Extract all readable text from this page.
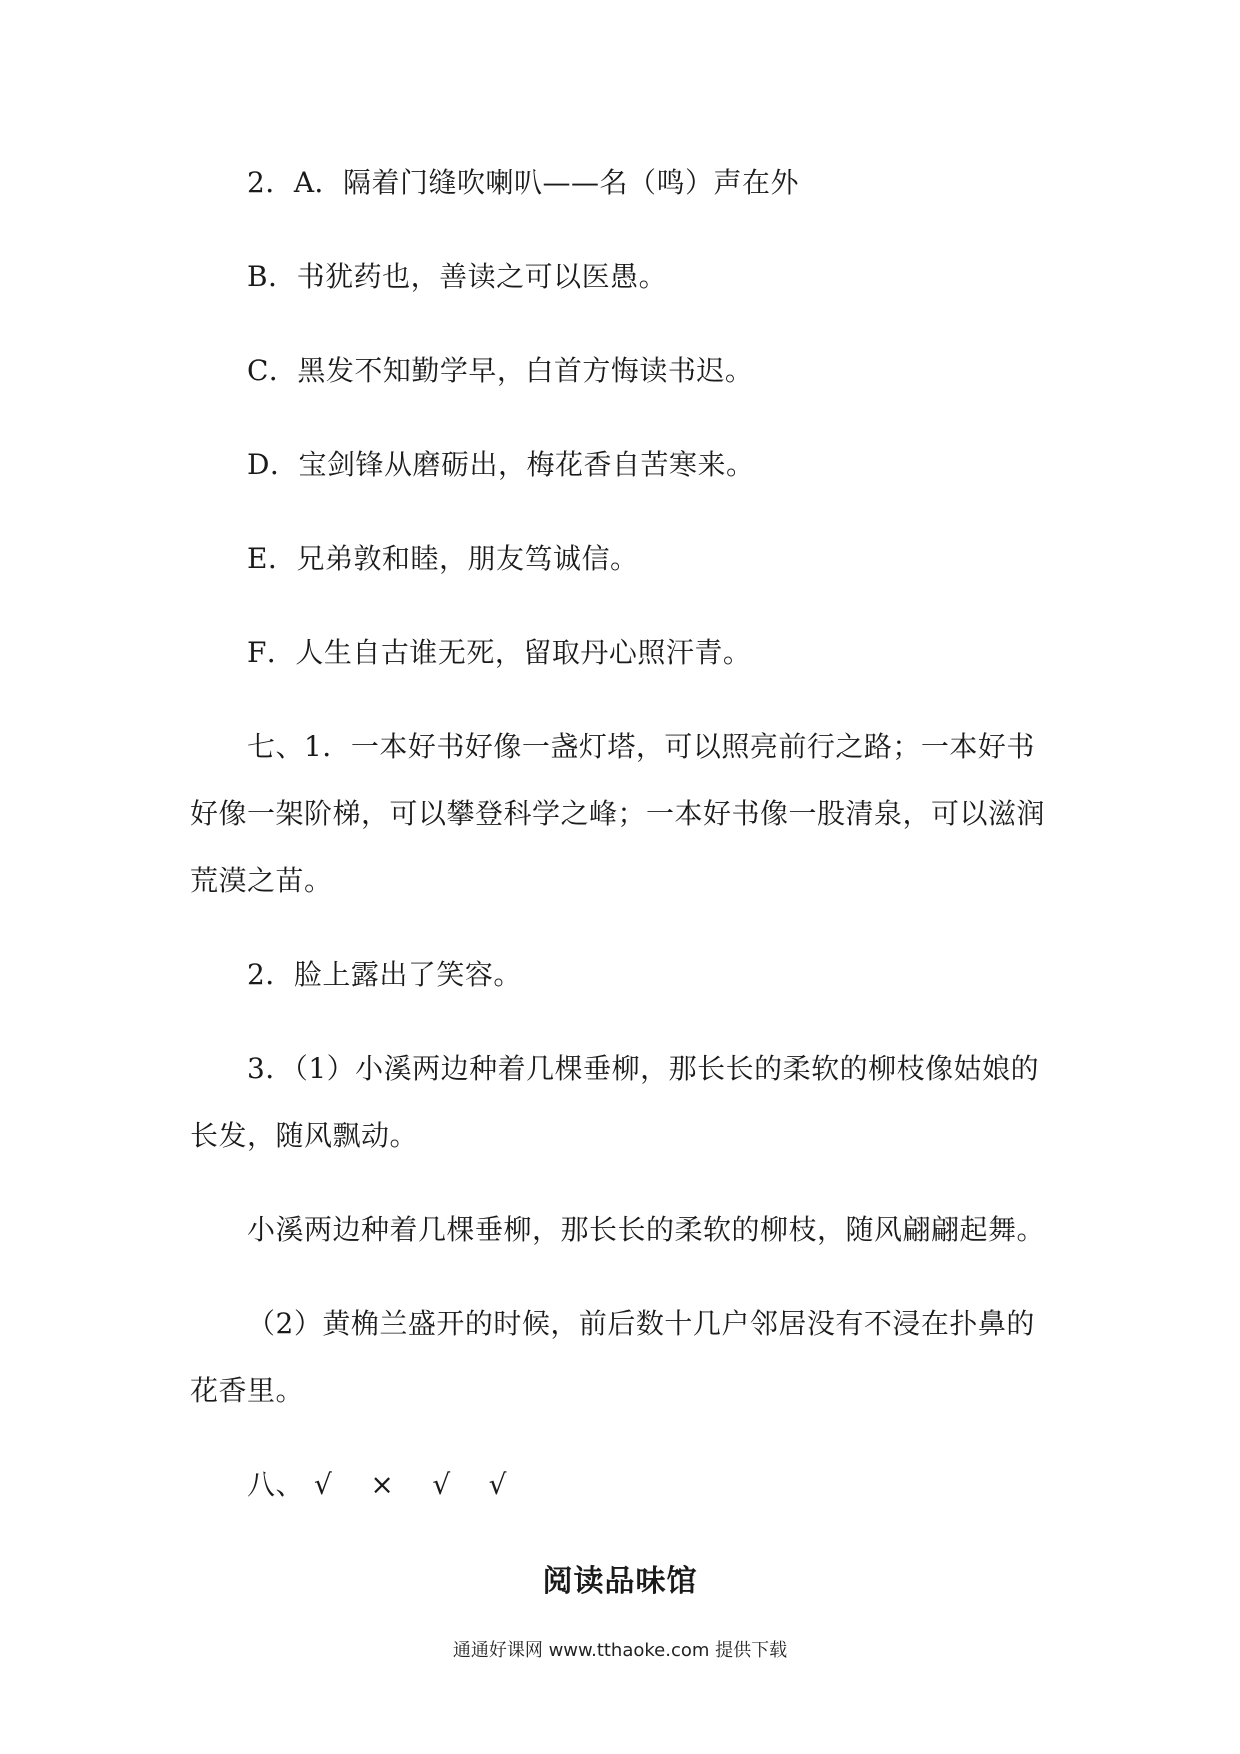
2．A．隔着门缝吹喇叭——名（鸣）声在外
B．书犹药也，善读之可以医愚。
C．黑发不知勤学早，白首方悔读书迟。
D．宝剑锋从磨砺出，梅花香自苦寒来。
E．兄弟敦和睦，朋友笃诚信。
F．人生自古谁无死，留取丹心照汗青。
七、1．一本好书好像一盏灯塔，可以照亮前行之路；一本好书
好像一架阶梯，可以攀登科学之峰；一本好书像一股清泉，可以滋润
荒漠之苗。
2．脸上露出了笑容。
3．（1）小溪两边种着几棵垂柳，那长长的柔软的柳枝像姑娘的
长发，随风飘动。
小溪两边种着几棵垂柳，那长长的柔软的柳枝，随风翩翩起舞。
（2）黄桷兰盛开的时候，前后数十几户邻居没有不浸在扑鼻的
花香里。
八、 √ × √ √
阅读品味馆
通通好课网 www.tthaoke.com 提供下载
